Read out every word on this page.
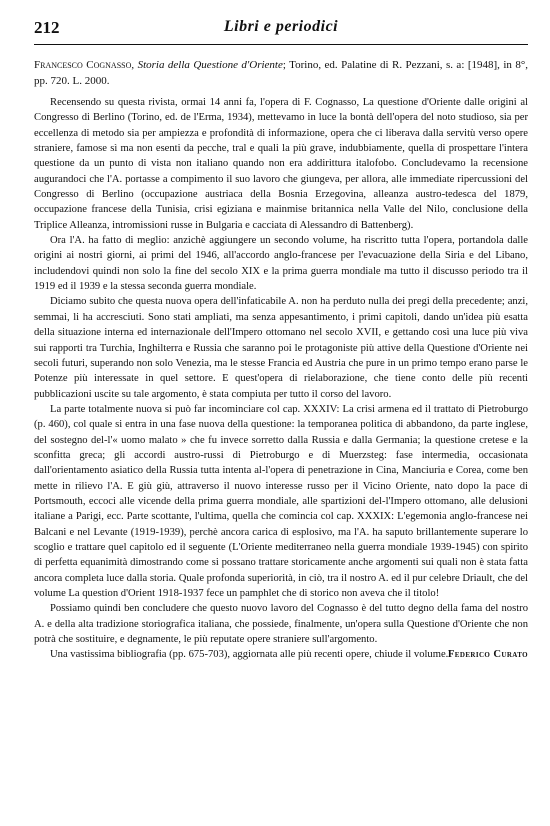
212	Libri e periodici

Francesco Cognasso, Storia della Questione d'Oriente; Torino, ed. Palatine di R. Pezzani, s. a: [1948], in 8°, pp. 720. L. 2000.

Recensendo su questa rivista, ormai 14 anni fa, l'opera di F. Cognasso, La questione d'Oriente dalle origini al Congresso di Berlino (Torino, ed. de l'Erma, 1934), mettevamo in luce la bontà dell'opera del noto studioso, sia per eccellenza di metodo sia per ampiezza e profondità di informazione, opera che ci liberava dalla servitù verso opere straniere, famose sì ma non esenti da pecche, tral e quali la più grave, indubbiamente, quella di prospettare l'intera questione da un punto di vista non italiano quando non era addirittura italofobo. Concludevamo la recensione augurandoci che l'A. portasse a compimento il suo lavoro che giungeva, per allora, alle immediate ripercussioni del Congresso di Berlino (occupazione austriaca della Bosnia Erzegovina, alleanza austro-tedesca del 1879, occupazione francese della Tunisia, crisi egiziana e mainmise britannica nella Valle del Nilo, conclusione della Triplice Alleanza, intromissioni russe in Bulgaria e cacciata di Alessandro di Battenberg).

Ora l'A. ha fatto di meglio: anzichè aggiungere un secondo volume, ha riscritto tutta l'opera, portandola dalle origini ai nostri giorni, ai primi del 1946, all'accordo anglo-francese per l'evacuazione della Siria e del Libano, includendovi quindi non solo la fine del secolo XIX e la prima guerra mondiale ma tutto il discusso periodo tra il 1919 ed il 1939 e la stessa seconda guerra mondiale.

Diciamo subito che questa nuova opera dell'infaticabile A. non ha perduto nulla dei pregi della precedente; anzi, semmai, li ha accresciuti. Sono stati ampliati, ma senza appesantimento, i primi capitoli, dando un'idea più esatta della situazione interna ed internazionale dell'Impero ottomano nel secolo XVII, e gettando così una luce più viva sui rapporti tra Turchia, Inghilterra e Russia che saranno poi le protagoniste più attive della Questione d'Oriente nei secoli futuri, superando non solo Venezia, ma le stesse Francia ed Austria che pure in un primo tempo erano parse le Potenze più interessate in quel settore. E quest'opera di rielaborazione, che tiene conto delle più recenti pubblicazioni uscite su tale argomento, è stata compiuta per tutto il corso del lavoro.

La parte totalmente nuova si può far incominciare col cap. XXXIV: La crisi armena ed il trattato di Pietroburgo (p. 460), col quale si entra in una fase nuova della questione: la temporanea politica di abbandono, da parte inglese, del sostegno del-l'« uomo malato » che fu invece sorretto dalla Russia e dalla Germania; la questione cretese e la sconfitta greca; gli accordi austro-russi di Pietroburgo e di Muerzsteg: fase intermedia, occasionata dall'orientamento asiatico della Russia tutta intenta al-l'opera di penetrazione in Cina, Manciuria e Corea, come ben mette in rilievo l'A. E giù giù, attraverso il nuovo interesse russo per il Vicino Oriente, nato dopo la pace di Portsmouth, eccoci alle vicende della prima guerra mondiale, alle spartizioni del-l'Impero ottomano, alle delusioni italiane a Parigi, ecc. Parte scottante, l'ultima, quella che comincia col cap. XXXIX: L'egemonia anglo-francese nei Balcani e nel Levante (1919-1939), perchè ancora carica di esplosivo, ma l'A. ha saputo brillantemente superare lo scoglio e trattare quel capitolo ed il seguente (L'Oriente mediterraneo nella guerra mondiale 1939-1945) con spirito di perfetta equanimità dimostrando come si possano trattare storicamente anche argomenti sui quali non è stata fatta ancora completa luce dalla storia. Quale profonda superiorità, in ciò, tra il nostro A. ed il pur celebre Driault, che del volume La question d'Orient 1918-1937 fece un pamphlet che di storico non aveva che il titolo!

Possiamo quindi ben concludere che questo nuovo lavoro del Cognasso è del tutto degno della fama del nostro A. e della alta tradizione storiografica italiana, che possiede, finalmente, un'opera sulla Questione d'Oriente che non potrà che sostituire, e degnamente, le più reputate opere straniere sull'argomento.

Una vastissima bibliografia (pp. 675-703), aggiornata alle più recenti opere, chiude il volume. Federico Curato
